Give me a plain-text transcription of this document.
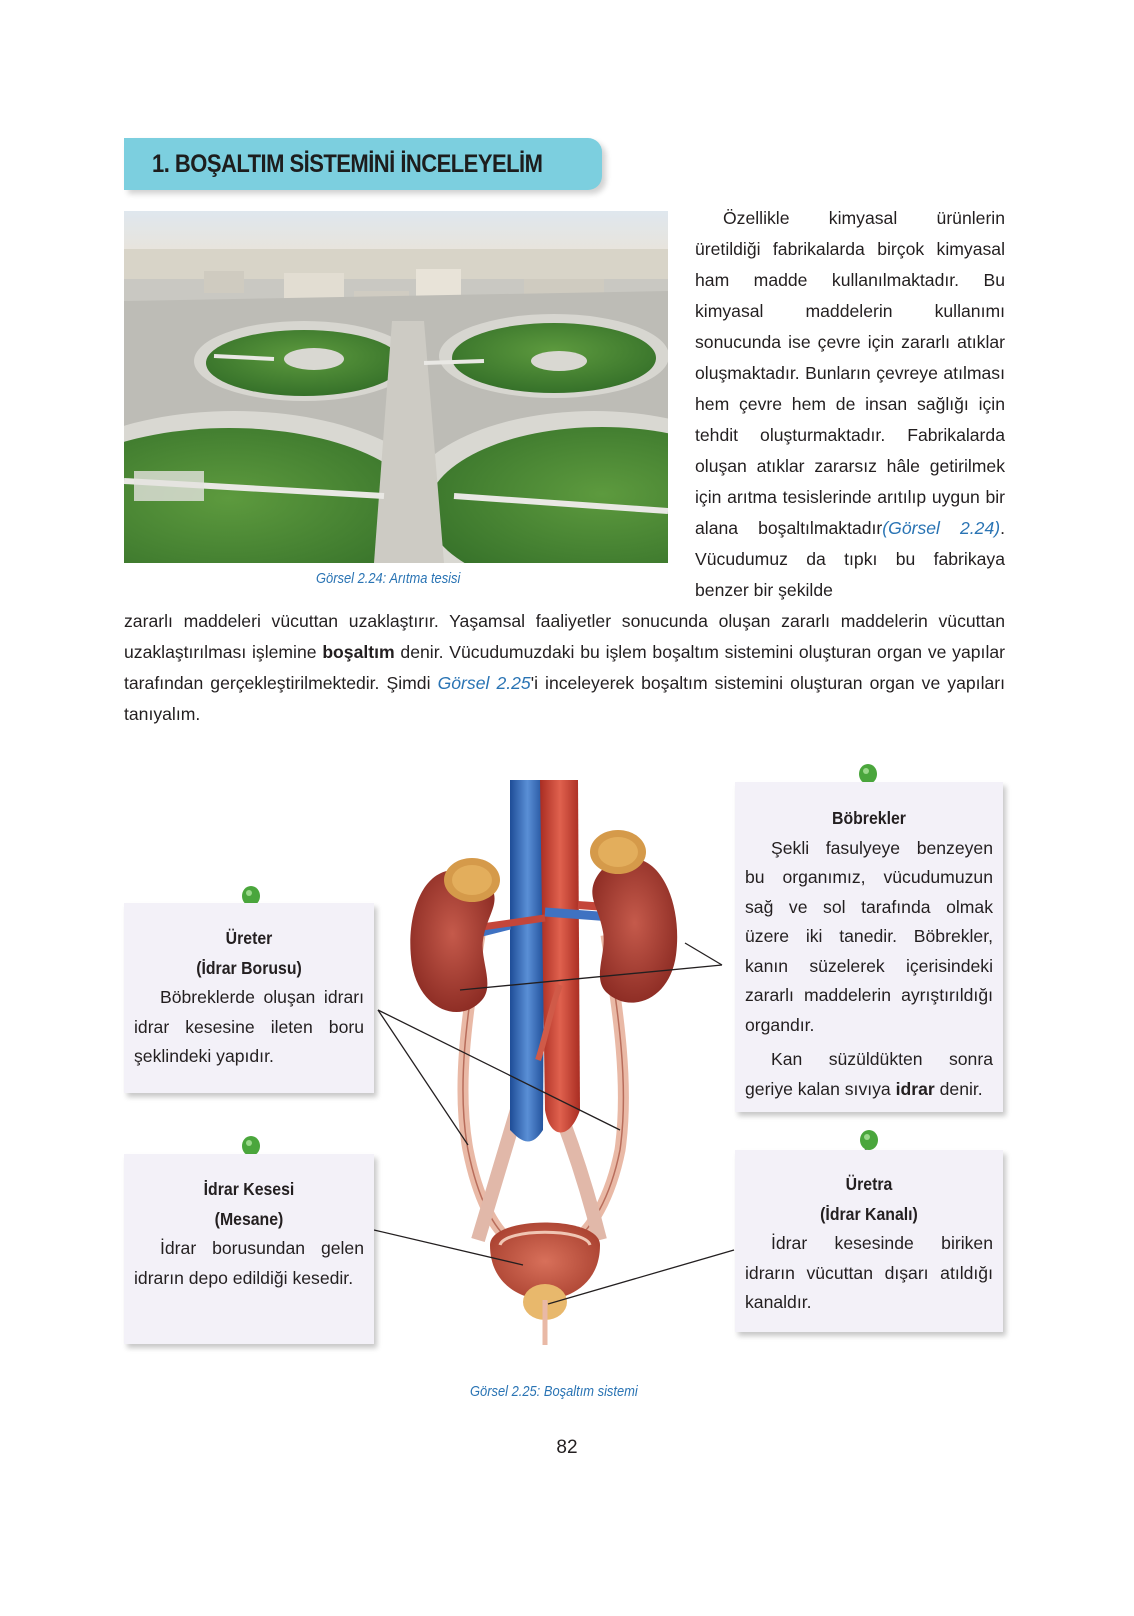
1. BOŞALTIM SİSTEMİNİ İNCELEYELİM
Görsel 2.24: Arıtma tesisi
Özellikle kimyasal ürünlerin üretildiği fabrikalarda birçok kimyasal ham madde kullanılmaktadır. Bu kimyasal maddelerin kullanımı sonucunda ise çevre için zararlı atıklar oluşmaktadır. Bunların çevreye atılması hem çevre hem de insan sağlığı için tehdit oluşturmaktadır. Fabrikalarda oluşan atıklar zararsız hâle getirilmek için arıtma tesislerinde arıtılıp uygun bir alana boşaltılmaktadır(Görsel 2.24). Vücudumuz da tıpkı bu fabrikaya benzer bir şekilde
zararlı maddeleri vücuttan uzaklaştırır. Yaşamsal faaliyetler sonucunda oluşan zararlı maddelerin vücuttan uzaklaştırılması işlemine boşaltım denir. Vücudumuzdaki bu işlem boşaltım sistemini oluşturan organ ve yapılar tarafından gerçekleştirilmektedir. Şimdi Görsel 2.25'i inceleyerek boşaltım sistemini oluşturan organ ve yapıları tanıyalım.
Böbrekler
Şekli fasulyeye benzeyen bu organımız, vücudumuzun sağ ve sol tarafında olmak üzere iki tanedir. Böbrekler, kanın süzelerek içerisindeki zararlı maddelerin ayrıştırıldığı organdır.
Kan süzüldükten sonra geriye kalan sıvıya idrar denir.
Üreter
(İdrar Borusu)
Böbreklerde oluşan idrarı idrar kesesine ileten boru şeklindeki yapıdır.
İdrar Kesesi
(Mesane)
İdrar borusundan gelen idrarın depo edildiği kesedir.
Üretra
(İdrar Kanalı)
İdrar kesesinde biriken idrarın vücuttan dışarı atıldığı kanaldır.
Görsel 2.25: Boşaltım sistemi
82
